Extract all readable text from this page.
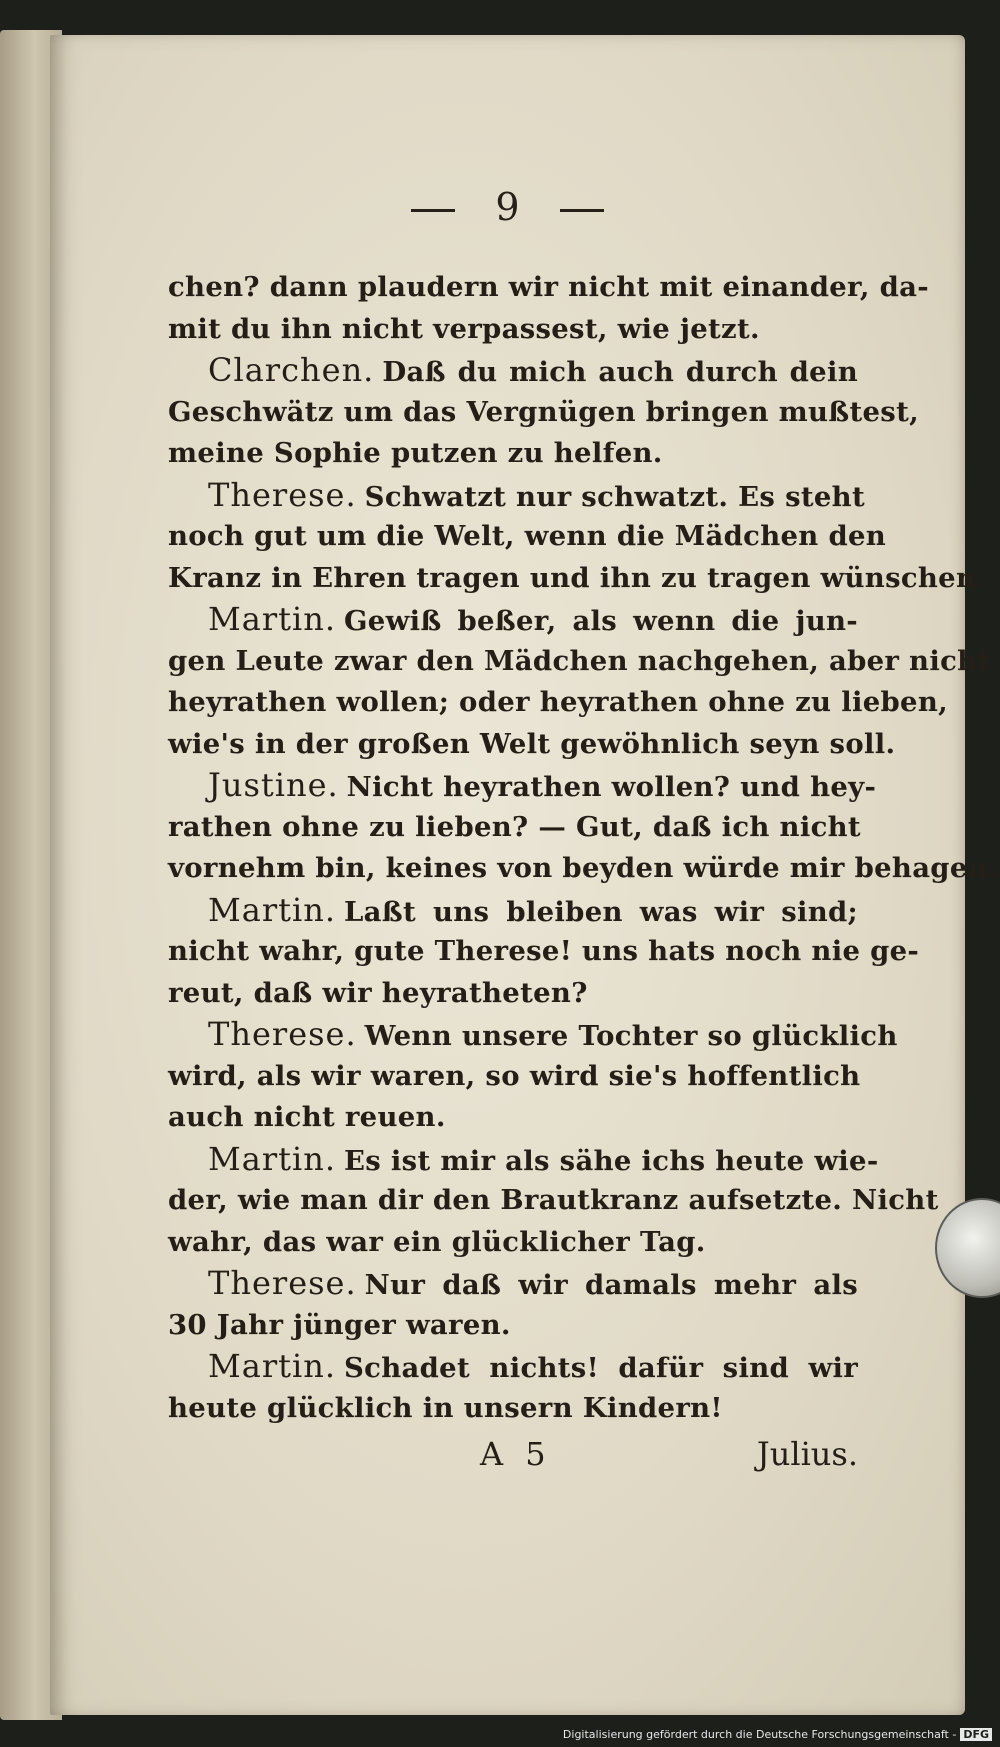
9
chen? dann plaudern wir nicht mit einander, da-
mit du ihn nicht verpassest, wie jetzt.
Clarchen. Daß du mich auch durch dein
Geschwätz um das Vergnügen bringen mußtest,
meine Sophie putzen zu helfen.
Therese. Schwatzt nur schwatzt. Es steht
noch gut um die Welt, wenn die Mädchen den
Kranz in Ehren tragen und ihn zu tragen wünschen.
Martin. Gewiß beßer, als wenn die jun-
gen Leute zwar den Mädchen nachgehen, aber nicht
heyrathen wollen; oder heyrathen ohne zu lieben,
wie's in der großen Welt gewöhnlich seyn soll.
Justine. Nicht heyrathen wollen? und hey-
rathen ohne zu lieben? — Gut, daß ich nicht
vornehm bin, keines von beyden würde mir behagen.
Martin. Laßt uns bleiben was wir sind;
nicht wahr, gute Therese! uns hats noch nie ge-
reut, daß wir heyratheten?
Therese. Wenn unsere Tochter so glücklich
wird, als wir waren, so wird sie's hoffentlich
auch nicht reuen.
Martin. Es ist mir als sähe ichs heute wie-
der, wie man dir den Brautkranz aufsetzte. Nicht
wahr, das war ein glücklicher Tag.
Therese. Nur daß wir damals mehr als
30 Jahr jünger waren.
Martin. Schadet nichts! dafür sind wir
heute glücklich in unsern Kindern!
A 5	Julius.
Digitalisierung gefördert durch die Deutsche Forschungsgemeinschaft - DFG
